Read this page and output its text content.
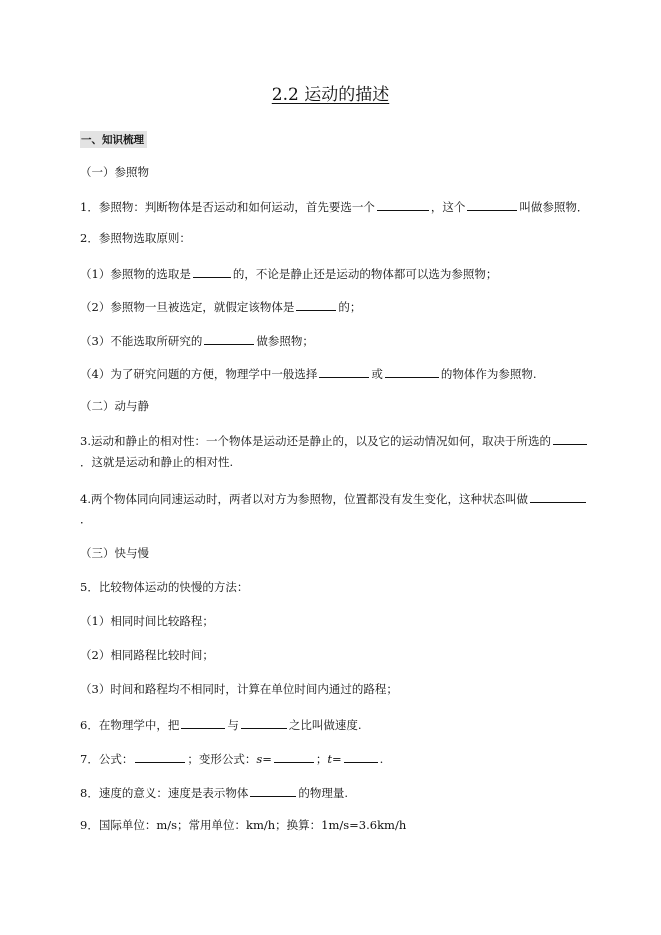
2.2 运动的描述
一、知识梳理
（一）参照物
1．参照物：判断物体是否运动和如何运动，首先要选一个	，这个	叫做参照物．
2．参照物选取原则：
（1）参照物的选取是	的，不论是静止还是运动的物体都可以选为参照物；
（2）参照物一旦被选定，就假定该物体是	的；
（3）不能选取所研究的	做参照物；
（4）为了研究问题的方便，物理学中一般选择	或	的物体作为参照物.
（二）动与静
3.运动和静止的相对性：一个物体是运动还是静止的，以及它的运动情况如何，取决于所选的
．这就是运动和静止的相对性.
4.两个物体同向同速运动时，两者以对方为参照物，位置都没有发生变化，这种状态叫做
．
（三）快与慢
5．比较物体运动的快慢的方法：
（1）相同时间比较路程；
（2）相同路程比较时间；
（3）时间和路程均不相同时，计算在单位时间内通过的路程；
6．在物理学中，把	与	之比叫做速度.
7．公式：	；变形公式：s=	；t=	.
8．速度的意义：速度是表示物体	的物理量.
9．国际单位：m/s；常用单位：km/h；换算：1m/s=3.6km/h
